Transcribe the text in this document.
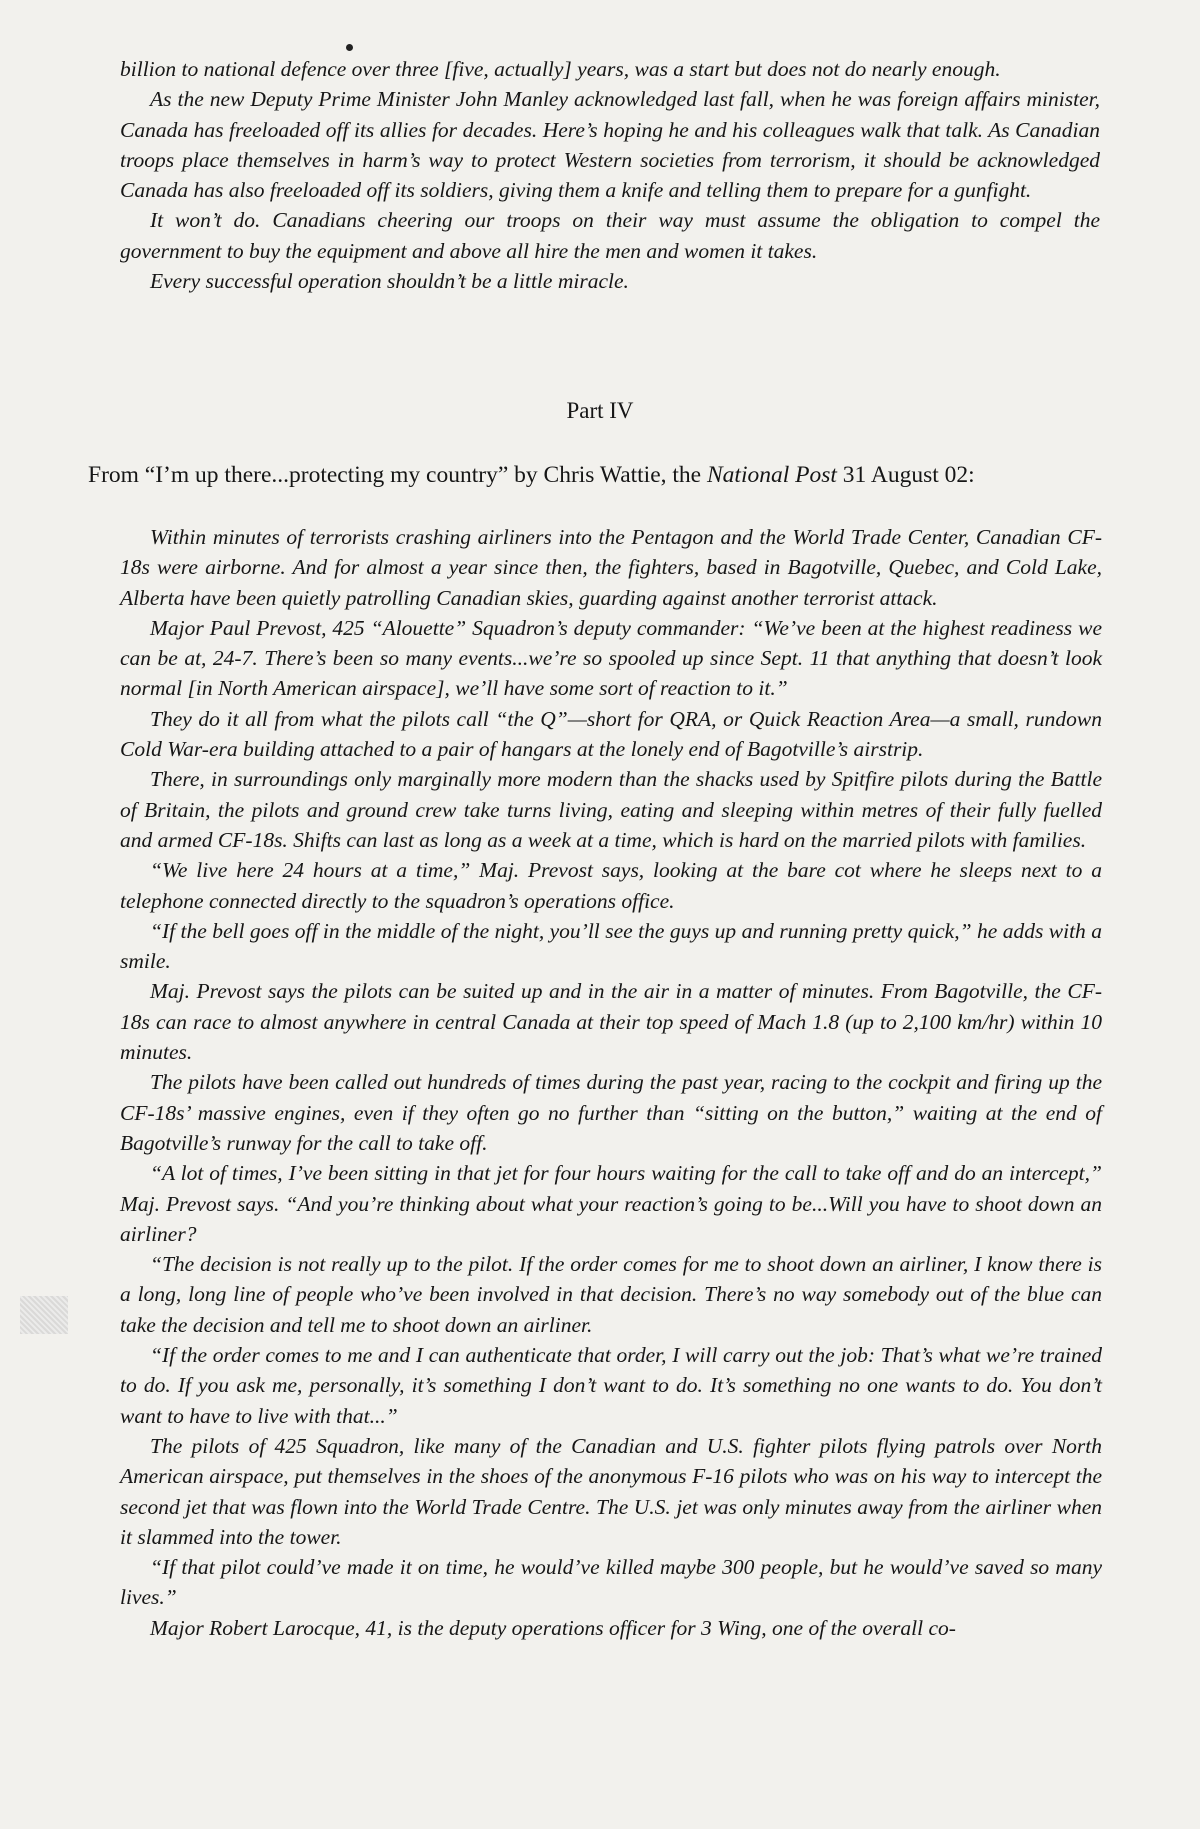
billion to national defence over three [five, actually] years, was a start but does not do nearly enough.

As the new Deputy Prime Minister John Manley acknowledged last fall, when he was foreign affairs minister, Canada has freeloaded off its allies for decades. Here’s hoping he and his colleagues walk that talk. As Canadian troops place themselves in harm’s way to protect Western societies from terrorism, it should be acknowledged Canada has also freeloaded off its soldiers, giving them a knife and telling them to prepare for a gunfight.

It won’t do. Canadians cheering our troops on their way must assume the obligation to compel the government to buy the equipment and above all hire the men and women it takes.

Every successful operation shouldn’t be a little miracle.

Part IV
From “I’m up there...protecting my country” by Chris Wattie, the National Post 31 August 02:

Within minutes of terrorists crashing airliners into the Pentagon and the World Trade Center, Canadian CF-18s were airborne. And for almost a year since then, the fighters, based in Bagotville, Quebec, and Cold Lake, Alberta have been quietly patrolling Canadian skies, guarding against another terrorist attack.

Major Paul Prevost, 425 “Alouette” Squadron’s deputy commander: “We’ve been at the highest readiness we can be at, 24-7. There’s been so many events...we’re so spooled up since Sept. 11 that anything that doesn’t look normal [in North American airspace], we’ll have some sort of reaction to it.”

They do it all from what the pilots call “the Q”—short for QRA, or Quick Reaction Area—a small, rundown Cold War-era building attached to a pair of hangars at the lonely end of Bagotville’s airstrip.

There, in surroundings only marginally more modern than the shacks used by Spitfire pilots during the Battle of Britain, the pilots and ground crew take turns living, eating and sleeping within metres of their fully fuelled and armed CF-18s. Shifts can last as long as a week at a time, which is hard on the married pilots with families.

“We live here 24 hours at a time,” Maj. Prevost says, looking at the bare cot where he sleeps next to a telephone connected directly to the squadron’s operations office.

“If the bell goes off in the middle of the night, you’ll see the guys up and running pretty quick,” he adds with a smile.

Maj. Prevost says the pilots can be suited up and in the air in a matter of minutes. From Bagotville, the CF-18s can race to almost anywhere in central Canada at their top speed of Mach 1.8 (up to 2,100 km/hr) within 10 minutes.

The pilots have been called out hundreds of times during the past year, racing to the cockpit and firing up the CF-18s’ massive engines, even if they often go no further than “sitting on the button,” waiting at the end of Bagotville’s runway for the call to take off.

“A lot of times, I’ve been sitting in that jet for four hours waiting for the call to take off and do an intercept,” Maj. Prevost says. “And you’re thinking about what your reaction’s going to be...Will you have to shoot down an airliner?

“The decision is not really up to the pilot. If the order comes for me to shoot down an airliner, I know there is a long, long line of people who’ve been involved in that decision. There’s no way somebody out of the blue can take the decision and tell me to shoot down an airliner.

“If the order comes to me and I can authenticate that order, I will carry out the job: That’s what we’re trained to do. If you ask me, personally, it’s something I don’t want to do. It’s something no one wants to do. You don’t want to have to live with that...”

The pilots of 425 Squadron, like many of the Canadian and U.S. fighter pilots flying patrols over North American airspace, put themselves in the shoes of the anonymous F-16 pilots who was on his way to intercept the second jet that was flown into the World Trade Centre. The U.S. jet was only minutes away from the airliner when it slammed into the tower.

“If that pilot could’ve made it on time, he would’ve killed maybe 300 people, but he would’ve saved so many lives.”

Major Robert Larocque, 41, is the deputy operations officer for 3 Wing, one of the overall co-
